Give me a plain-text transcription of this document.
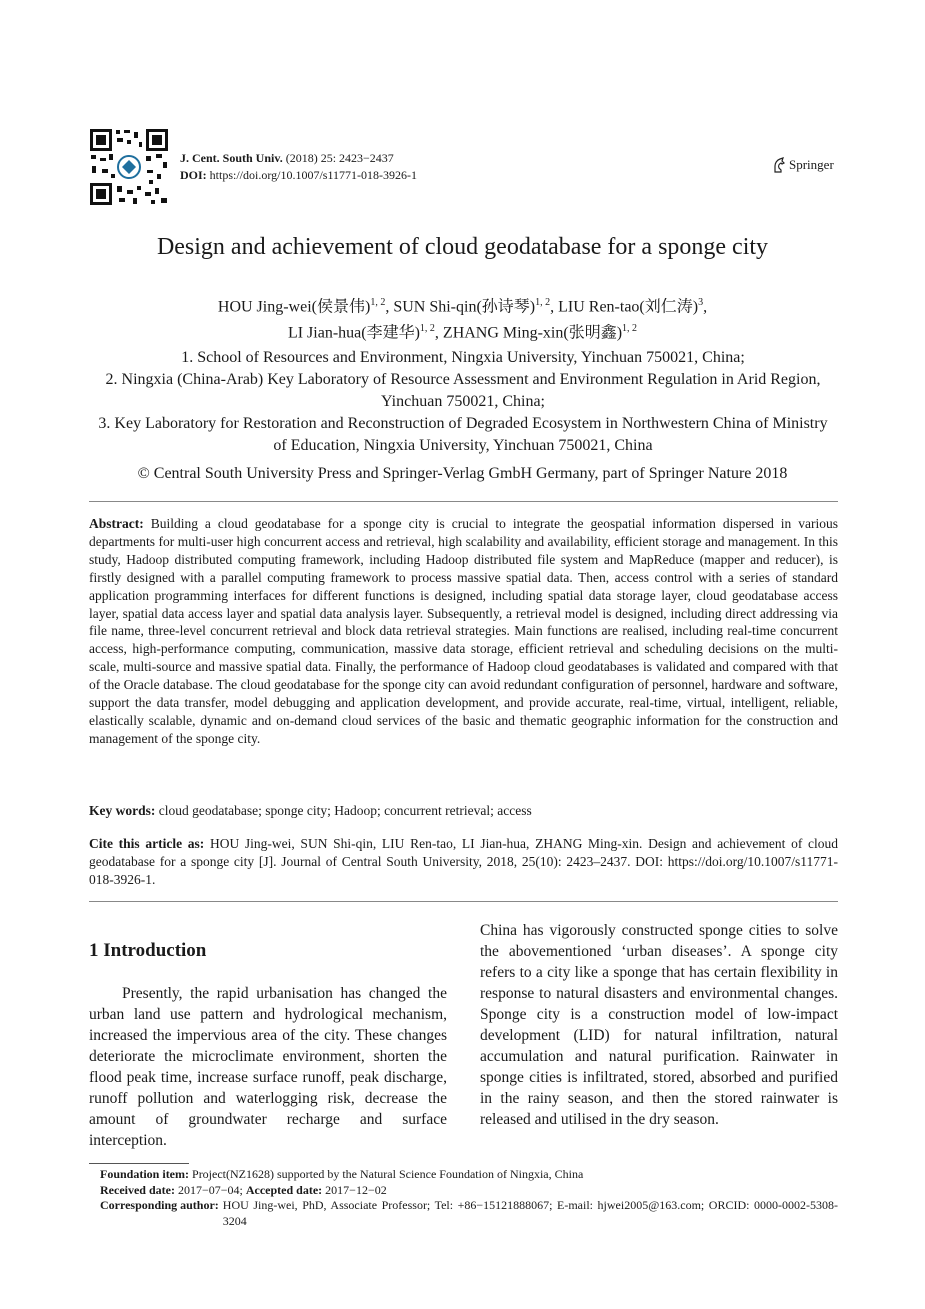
J. Cent. South Univ. (2018) 25: 2423−2437
DOI: https://doi.org/10.1007/s11771-018-3926-1
Springer
Design and achievement of cloud geodatabase for a sponge city
HOU Jing-wei(侯景伟)$^{1, 2}$, SUN Shi-qin(孙诗琴)$^{1, 2}$, LIU Ren-tao(刘仁涛)$^3$,
LI Jian-hua(李建华)$^{1, 2}$, ZHANG Ming-xin(张明鑫)$^{1, 2}$
1. School of Resources and Environment, Ningxia University, Yinchuan 750021, China;
2. Ningxia (China-Arab) Key Laboratory of Resource Assessment and Environment Regulation in Arid Region, Yinchuan 750021, China;
3. Key Laboratory for Restoration and Reconstruction of Degraded Ecosystem in Northwestern China of Ministry of Education, Ningxia University, Yinchuan 750021, China
© Central South University Press and Springer-Verlag GmbH Germany, part of Springer Nature 2018
Abstract: Building a cloud geodatabase for a sponge city is crucial to integrate the geospatial information dispersed in various departments for multi-user high concurrent access and retrieval, high scalability and availability, efficient storage and management. In this study, Hadoop distributed computing framework, including Hadoop distributed file system and MapReduce (mapper and reducer), is firstly designed with a parallel computing framework to process massive spatial data. Then, access control with a series of standard application programming interfaces for different functions is designed, including spatial data storage layer, cloud geodatabase access layer, spatial data access layer and spatial data analysis layer. Subsequently, a retrieval model is designed, including direct addressing via file name, three-level concurrent retrieval and block data retrieval strategies. Main functions are realised, including real-time concurrent access, high-performance computing, communication, massive data storage, efficient retrieval and scheduling decisions on the multi-scale, multi-source and massive spatial data. Finally, the performance of Hadoop cloud geodatabases is validated and compared with that of the Oracle database. The cloud geodatabase for the sponge city can avoid redundant configuration of personnel, hardware and software, support the data transfer, model debugging and application development, and provide accurate, real-time, virtual, intelligent, reliable, elastically scalable, dynamic and on-demand cloud services of the basic and thematic geographic information for the construction and management of the sponge city.
Key words: cloud geodatabase; sponge city; Hadoop; concurrent retrieval; access
Cite this article as: HOU Jing-wei, SUN Shi-qin, LIU Ren-tao, LI Jian-hua, ZHANG Ming-xin. Design and achievement of cloud geodatabase for a sponge city [J]. Journal of Central South University, 2018, 25(10): 2423–2437. DOI: https://doi.org/10.1007/s11771-018-3926-1.
1 Introduction
Presently, the rapid urbanisation has changed the urban land use pattern and hydrological mechanism, increased the impervious area of the city. These changes deteriorate the microclimate environment, shorten the flood peak time, increase surface runoff, peak discharge, runoff pollution and waterlogging risk, decrease the amount of groundwater recharge and surface interception.
China has vigorously constructed sponge cities to solve the abovementioned ‘urban diseases’. A sponge city refers to a city like a sponge that has certain flexibility in response to natural disasters and environmental changes. Sponge city is a construction model of low-impact development (LID) for natural infiltration, natural accumulation and natural purification. Rainwater in sponge cities is infiltrated, stored, absorbed and purified in the rainy season, and then the stored rainwater is released and utilised in the dry season.
Foundation item:
Project(NZ1628) supported by the Natural Science Foundation of Ningxia, China
Received date:
2017−07−04;
Accepted date:
2017−12−02
Corresponding author: HOU Jing-wei, PhD, Associate Professor; Tel: +86−15121888067; E-mail: hjwei2005@163.com; ORCID: 0000-0002-5308-3204
